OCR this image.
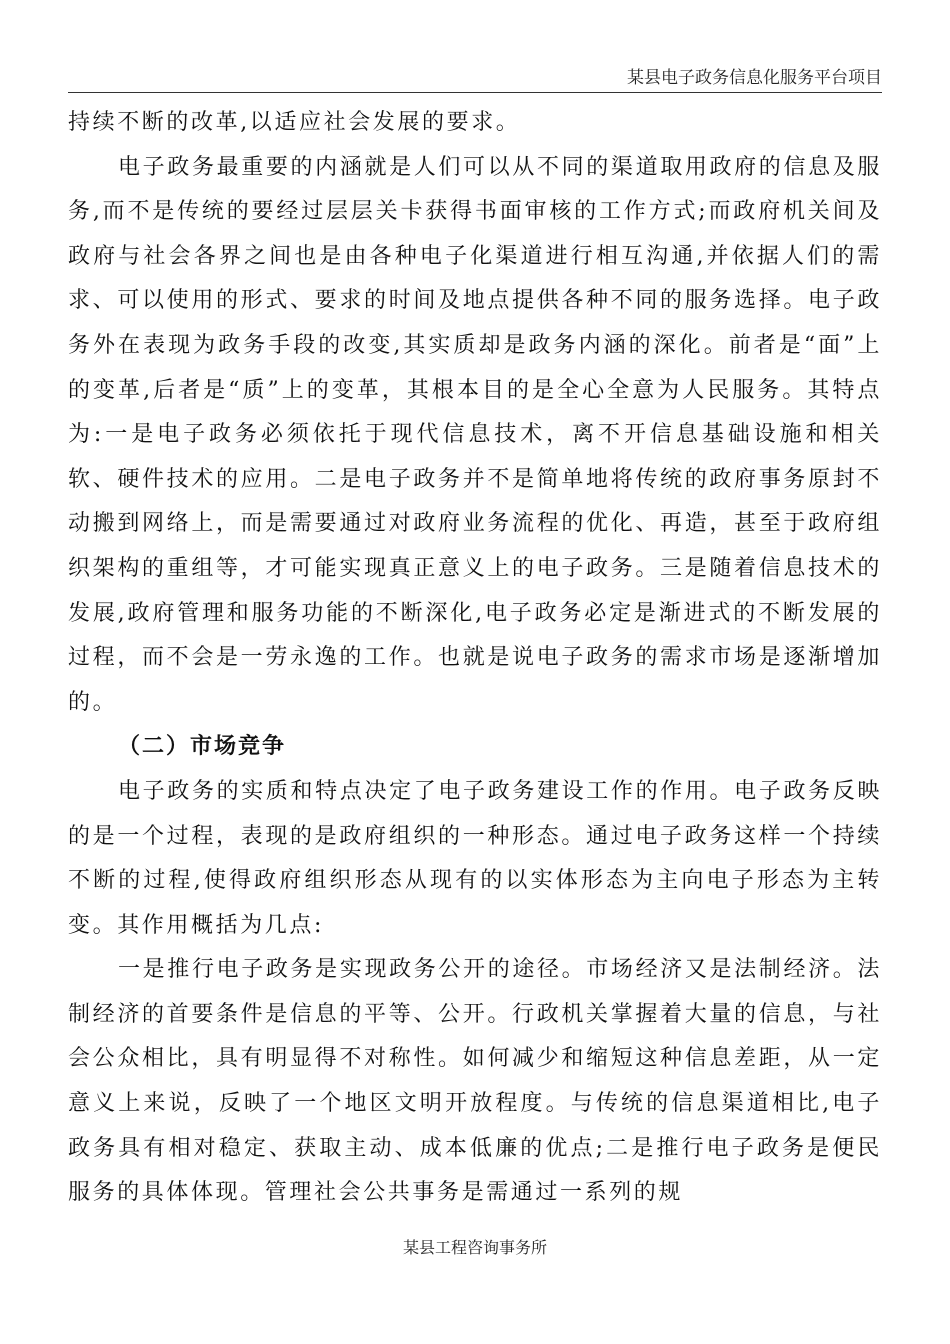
某县电子政务信息化服务平台项目

持续不断的改革,以适应社会发展的要求。

电子政务最重要的内涵就是人们可以从不同的渠道取用政府的信息及服务,而不是传统的要经过层层关卡获得书面审核的工作方式;而政府机关间及政府与社会各界之间也是由各种电子化渠道进行相互沟通,并依据人们的需求、可以使用的形式、要求的时间及地点提供各种不同的服务选择。电子政务外在表现为政务手段的改变,其实质却是政务内涵的深化。前者是“面”上的变革,后者是“质”上的变革，其根本目的是全心全意为人民服务。其特点为:一是电子政务必须依托于现代信息技术，离不开信息基础设施和相关软、硬件技术的应用。二是电子政务并不是简单地将传统的政府事务原封不动搬到网络上，而是需要通过对政府业务流程的优化、再造，甚至于政府组织架构的重组等，才可能实现真正意义上的电子政务。三是随着信息技术的发展,政府管理和服务功能的不断深化,电子政务必定是渐进式的不断发展的过程，而不会是一劳永逸的工作。也就是说电子政务的需求市场是逐渐增加的。

（二）市场竞争

电子政务的实质和特点决定了电子政务建设工作的作用。电子政务反映的是一个过程，表现的是政府组织的一种形态。通过电子政务这样一个持续不断的过程,使得政府组织形态从现有的以实体形态为主向电子形态为主转变。其作用概括为几点:

一是推行电子政务是实现政务公开的途径。市场经济又是法制经济。法制经济的首要条件是信息的平等、公开。行政机关掌握着大量的信息，与社会公众相比，具有明显得不对称性。如何减少和缩短这种信息差距，从一定意义上来说，反映了一个地区文明开放程度。与传统的信息渠道相比,电子政务具有相对稳定、获取主动、成本低廉的优点;二是推行电子政务是便民服务的具体体现。管理社会公共事务是需通过一系列的规

某县工程咨询事务所
